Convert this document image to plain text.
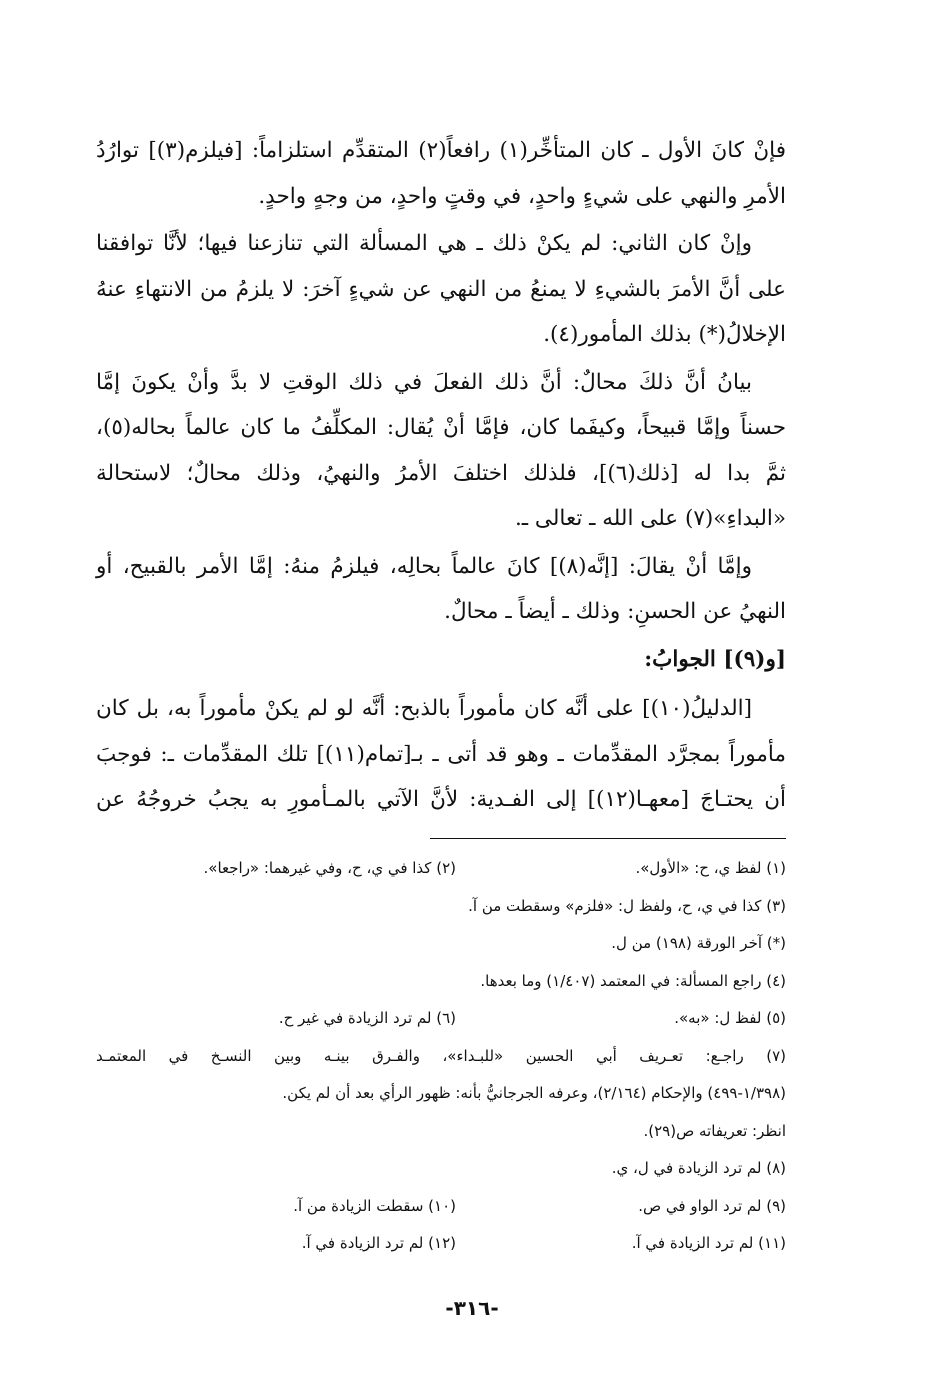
فإنْ كانَ الأول ـ كان المتأخِّر(١) رافعاً(٢) المتقدِّم استلزاماً: [فيلزم(٣)] توارُدُ
الأمرِ والنهي على شيءٍ واحدٍ، في وقتٍ واحدٍ، من وجهٍ واحدٍ.
وإنْ كان الثاني: لم يكنْ ذلك ـ هي المسألة التي تنازعنا فيها؛ لأنَّا توافقنا
على أنَّ الأمرَ بالشيءِ لا يمنعُ من النهي عن شيءٍ آخرَ: لا يلزمُ من الانتهاءِ عنهُ
الإخلالُ(*) بذلك المأمور(٤).
بيانُ أنَّ ذلكَ محالٌ: أنَّ ذلك الفعلَ في ذلك الوقتِ لا بدَّ وأنْ يكونَ إمَّا
حسناً وإمَّا قبيحاً، وكيفَما كان، فإمَّا أنْ يُقال: المكلِّفُ ما كان عالماً بحاله(٥)،
ثمَّ بدا له [ذلك(٦)]، فلذلك اختلفَ الأمرُ والنهيُ، وذلك محالٌ؛ لاستحالة
«البداءِ»(٧) على الله ـ تعالى ـ.
وإمَّا أنْ يقالَ: [إنَّه(٨)] كانَ عالماً بحالِه، فيلزمُ منهُ: إمَّا الأمر بالقبيح، أو
النهيُ عن الحسنِ: وذلك ـ أيضاً ـ محالٌ.
[و(٩)] الجوابُ:
[الدليلُ(١٠)] على أنَّه كان مأموراً بالذبح: أنَّه لو لم يكنْ مأموراً به، بل كان
مأموراً بمجرَّد المقدِّمات ـ وهو قد أتى ـ بـ[تمام(١١)] تلك المقدِّمات ـ: فوجبَ
أن يحتـاجَ [معهـا(١٢)] إلى الفـدية: لأنَّ الآتي بالمـأمورِ به يجبُ خروجُهُ عن
(١) لفظ ي، ح: «الأول».
(٢) كذا في ي، ح، وفي غيرهما: «راجعا».
(٣) كذا في ي، ح، ولفظ ل: «فلزم» وسقطت من آ.
(*) آخر الورقة (١٩٨) من ل.
(٤) راجع المسألة: في المعتمد (١/٤٠٧) وما بعدها.
(٥) لفظ ل: «به».
(٦) لم ترد الزيادة في غير ح.
(٧) راجـع: تعـريف أبي الحسين «للبـداء»، والفـرق بينـه وبين النسـخ في المعتمـد
(١/٣٩٨-٤٩٩) والإحكام (٢/١٦٤)، وعرفه الجرجانيُّ بأنه: ظهور الرأي بعد أن لم يكن.
انظر: تعريفاته ص(٢٩).
(٨) لم ترد الزيادة في ل، ي.
(٩) لم ترد الواو في ص.
(١٠) سقطت الزيادة من آ.
(١١) لم ترد الزيادة في آ.
(١٢) لم ترد الزيادة في آ.
-٣١٦-
